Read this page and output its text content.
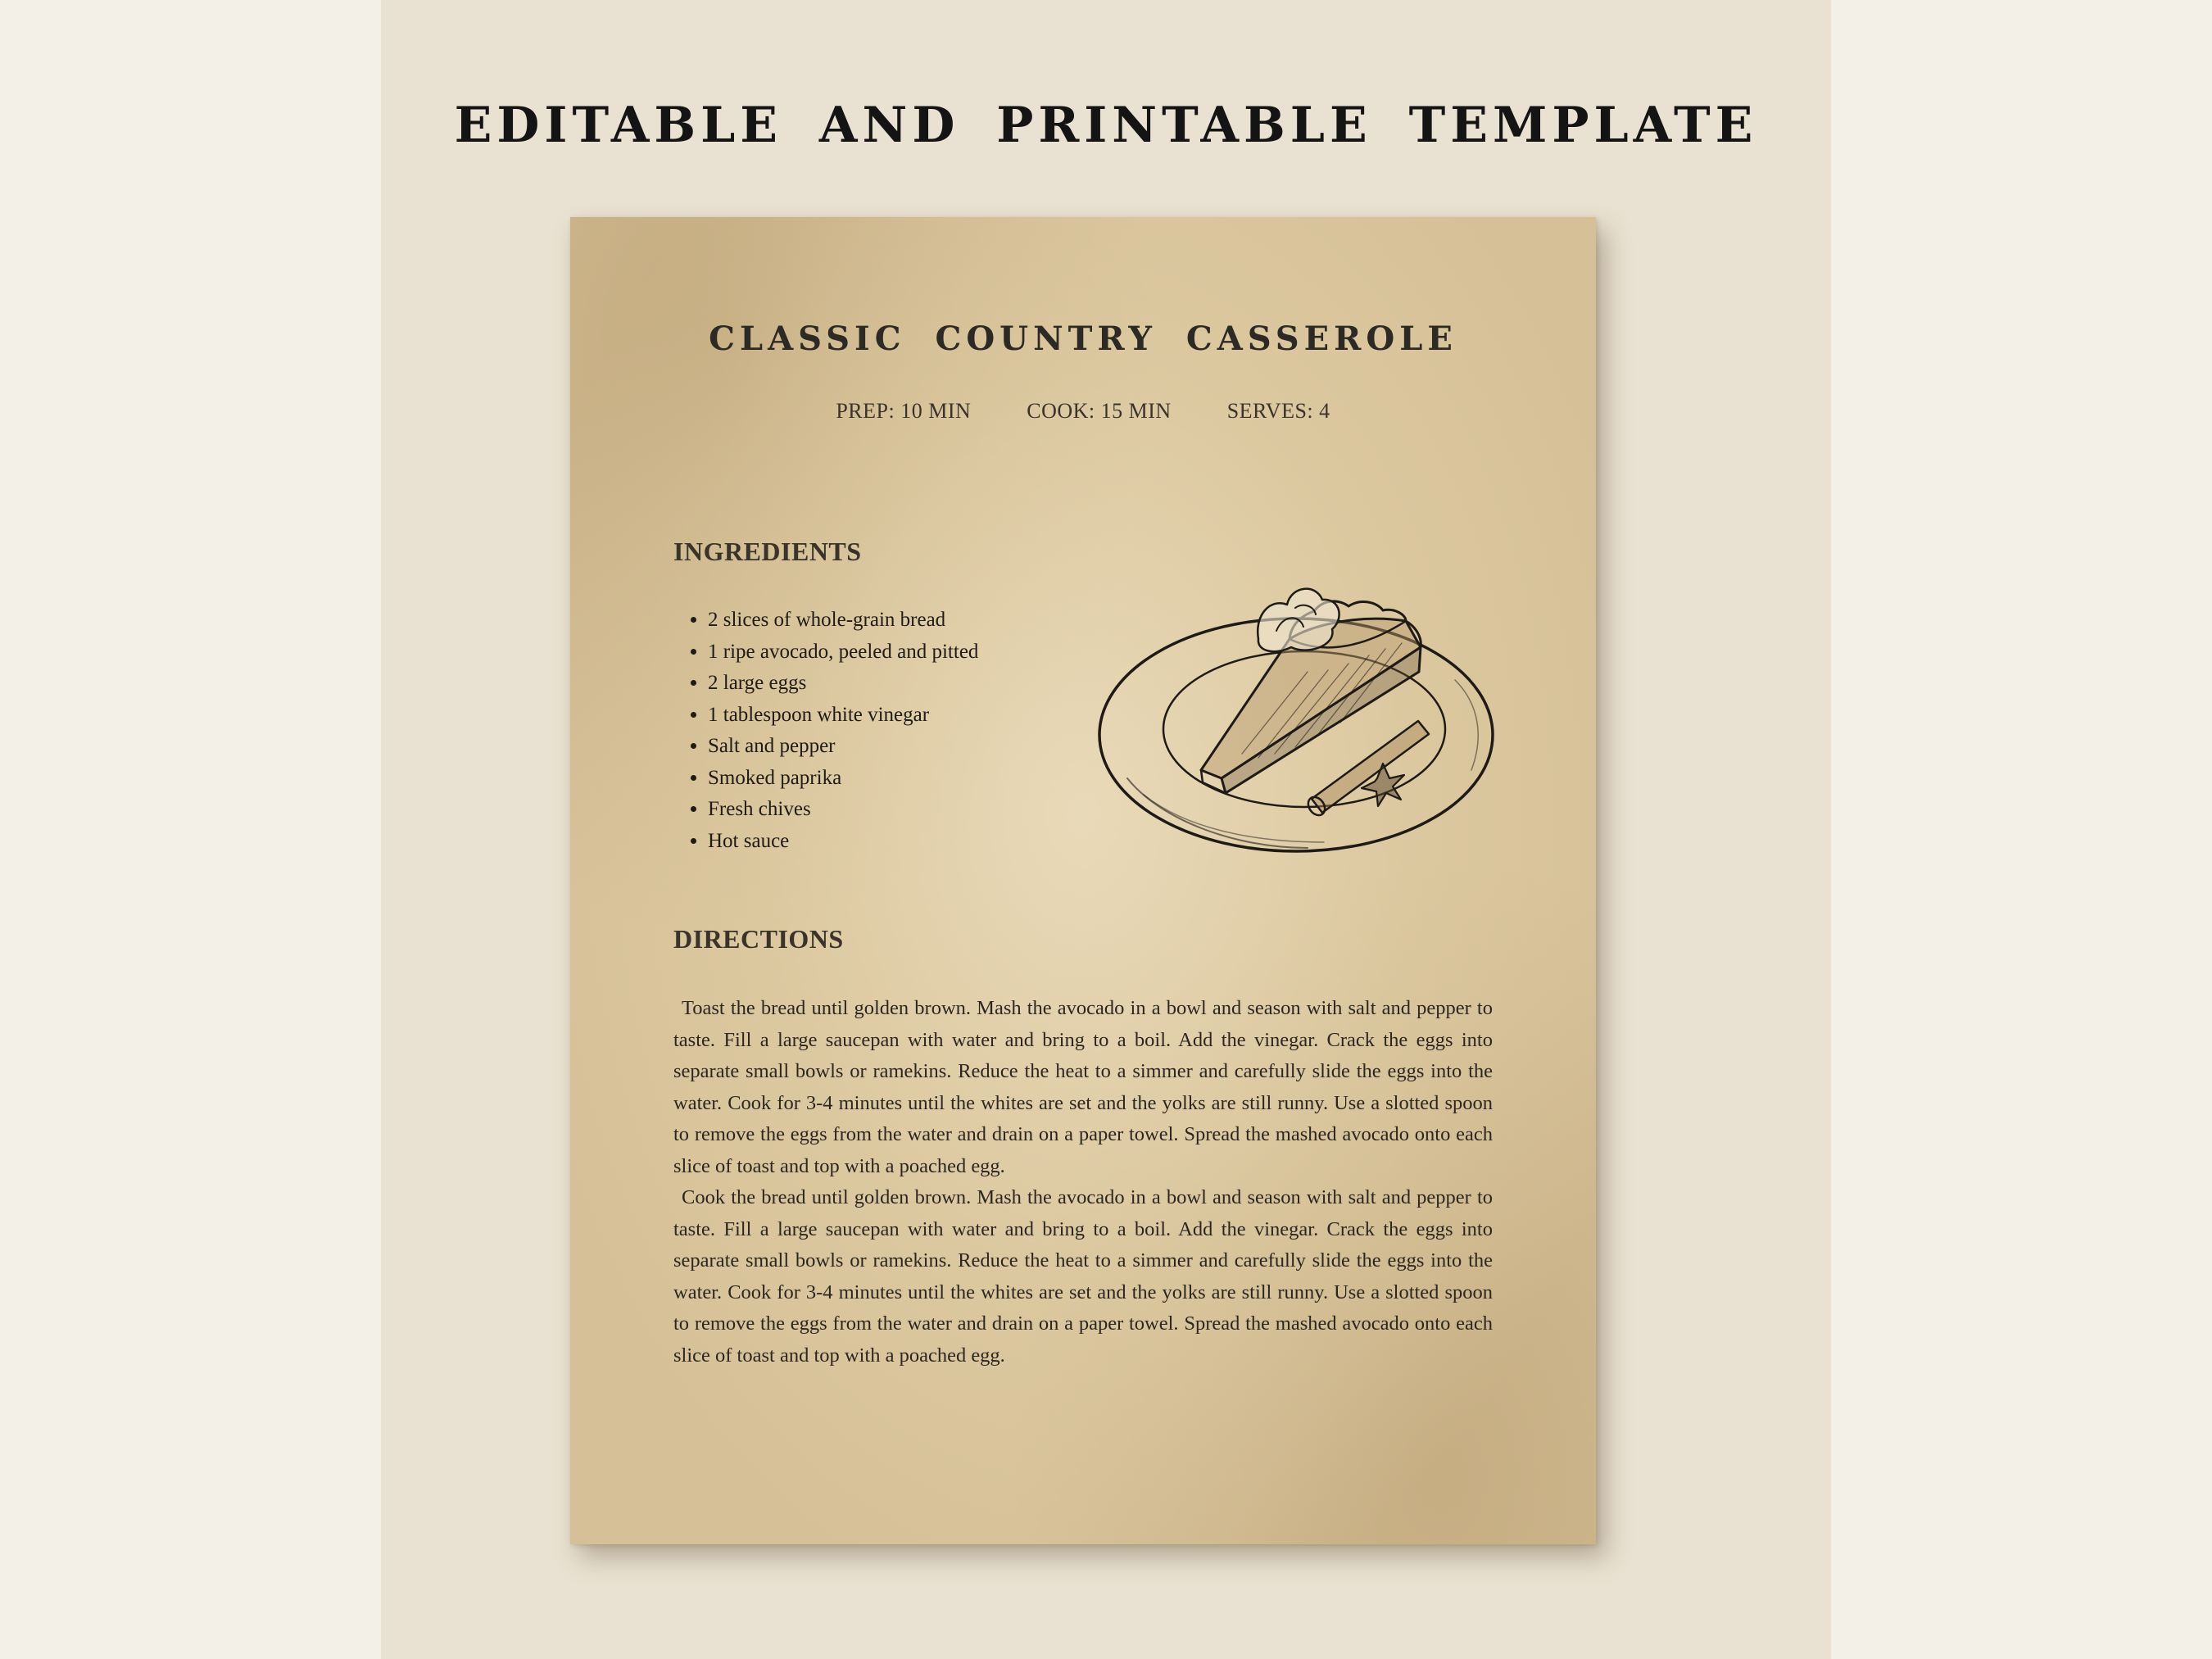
EDITABLE AND PRINTABLE TEMPLATE
CLASSIC COUNTRY CASSEROLE
PREP: 10 MIN	COOK: 15 MIN	SERVES: 4
INGREDIENTS
• 2 slices of whole-grain bread
• 1 ripe avocado, peeled and pitted
• 2 large eggs
• 1 tablespoon white vinegar
• Salt and pepper
• Smoked paprika
• Fresh chives
• Hot sauce
DIRECTIONS

Toast the bread until golden brown. Mash the avocado in a bowl and season with salt and pepper to taste. Fill a large saucepan with water and bring to a boil. Add the vinegar. Crack the eggs into separate small bowls or ramekins. Reduce the heat to a simmer and carefully slide the eggs into the water. Cook for 3-4 minutes until the whites are set and the yolks are still runny. Use a slotted spoon to remove the eggs from the water and drain on a paper towel. Spread the mashed avocado onto each slice of toast and top with a poached egg.

Cook the bread until golden brown. Mash the avocado in a bowl and season with salt and pepper to taste. Fill a large saucepan with water and bring to a boil. Add the vinegar. Crack the eggs into separate small bowls or ramekins. Reduce the heat to a simmer and carefully slide the eggs into the water. Cook for 3-4 minutes until the whites are set and the yolks are still runny. Use a slotted spoon to remove the eggs from the water and drain on a paper towel. Spread the mashed avocado onto each slice of toast and top with a poached egg.
